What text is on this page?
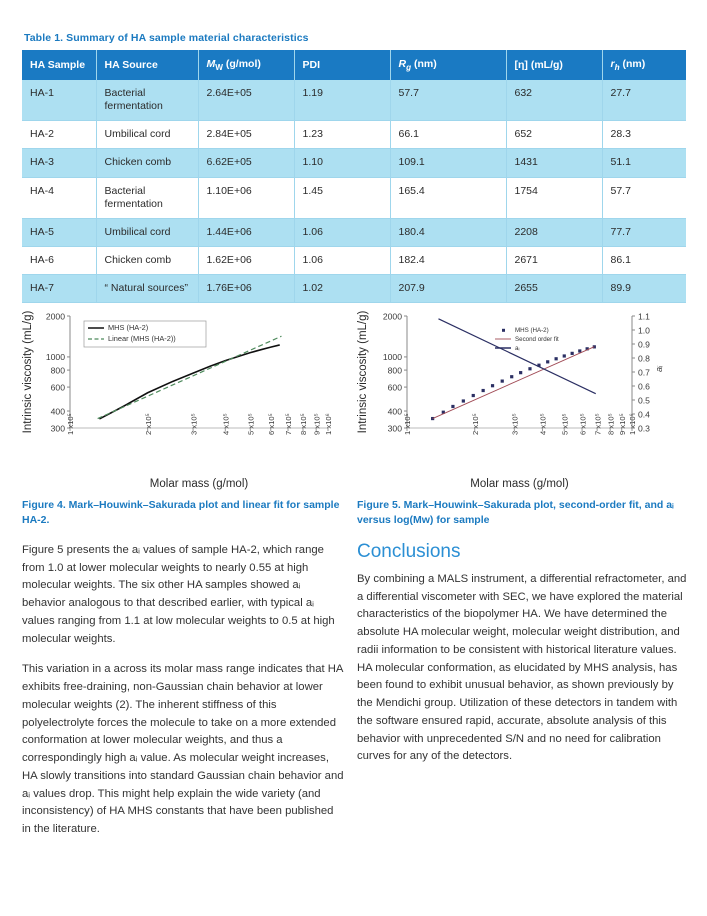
Table 1. Summary of HA sample material characteristics
HA Sample	HA Source	$M_W$ (g/mol)	PDI	$R_g$ (nm)	[η] (mL/g)	$r_h$ (nm)
HA-1	Bacterial fermentation	2.64E+05	1.19	57.7	632	27.7
HA-2	Umbilical cord	2.84E+05	1.23	66.1	652	28.3
HA-3	Chicken comb	6.62E+05	1.10	109.1	1431	51.1
HA-4	Bacterial fermentation	1.10E+06	1.45	165.4	1754	57.7
HA-5	Umbilical cord	1.44E+06	1.06	180.4	2208	77.7
HA-6	Chicken comb	1.62E+06	1.06	182.4	2671	86.1
HA-7	“ Natural sources”	1.76E+06	1.02	207.9	2655	89.9
300
400
600
800
1000
2000
1 x10⁵	2 x10⁵	3 x10⁵	4 x10⁵ 5 x10⁵ 6 x10⁵ 7 x10⁵ 8 x10⁵ 9 x10⁵ 1 x10⁶
Molar mass (g/mol)
Intrinsic viscosity (mL/g)	MHS (HA-2)
Linear (MHS (HA-2))
300
400
600
800
1000
2000
1 x10⁵	2 x10⁵	3 x10⁵	4 x10⁵ 5 x10⁵ 6 x10⁵ 7 x10⁵ 8 x10⁵ 9 x10⁵ 1 x10⁶ 0.3
0.4
0.5
0.6
0.7
0.8
0.9
1.0
1.1
aᵢ
Molar mass (g/mol)
Intrinsic viscosity (mL/g)	MHS (HA-2)
Second order fit
aᵢ
Figure 4. Mark–Houwink–Sakurada plot and linear fit for sample HA-2.
Figure 5. Mark–Houwink–Sakurada plot, second-order fit, and aᵢ versus log(Mw) for sample

Figure 5 presents the aᵢ values of sample HA-2, which range from 1.0 at lower molecular weights to nearly 0.55 at high molecular weights. The six other HA samples showed aᵢ behavior analogous to that described earlier, with typical aᵢ values ranging from 1.1 at low molecular weights to 0.5 at high molecular weights.

This variation in a across its molar mass range indicates that HA exhibits free-draining, non-Gaussian chain behavior at lower molecular weights (2). The inherent stiffness of this polyelectrolyte forces the molecule to take on a more extended conformation at lower molecular weights, and thus a correspondingly high aᵢ value. As molecular weight increases, HA slowly transitions into standard Gaussian chain behavior and aᵢ values drop. This might help explain the wide variety (and inconsistency) of HA MHS constants that have been published in the literature.

Conclusions

By combining a MALS instrument, a differential refractometer, and a differential viscometer with SEC, we have explored the material characteristics of the biopolymer HA. We have determined the absolute HA molecular weight, molecular weight distribution, and radii information to be consistent with historical literature values. HA molecular conformation, as elucidated by MHS analysis, has been found to exhibit unusual behavior, as shown previously by the Mendichi group. Utilization of these detectors in tandem with the software ensured rapid, accurate, absolute analysis of this behavior with unprecedented S/N and no need for calibration curves for any of the detectors.
